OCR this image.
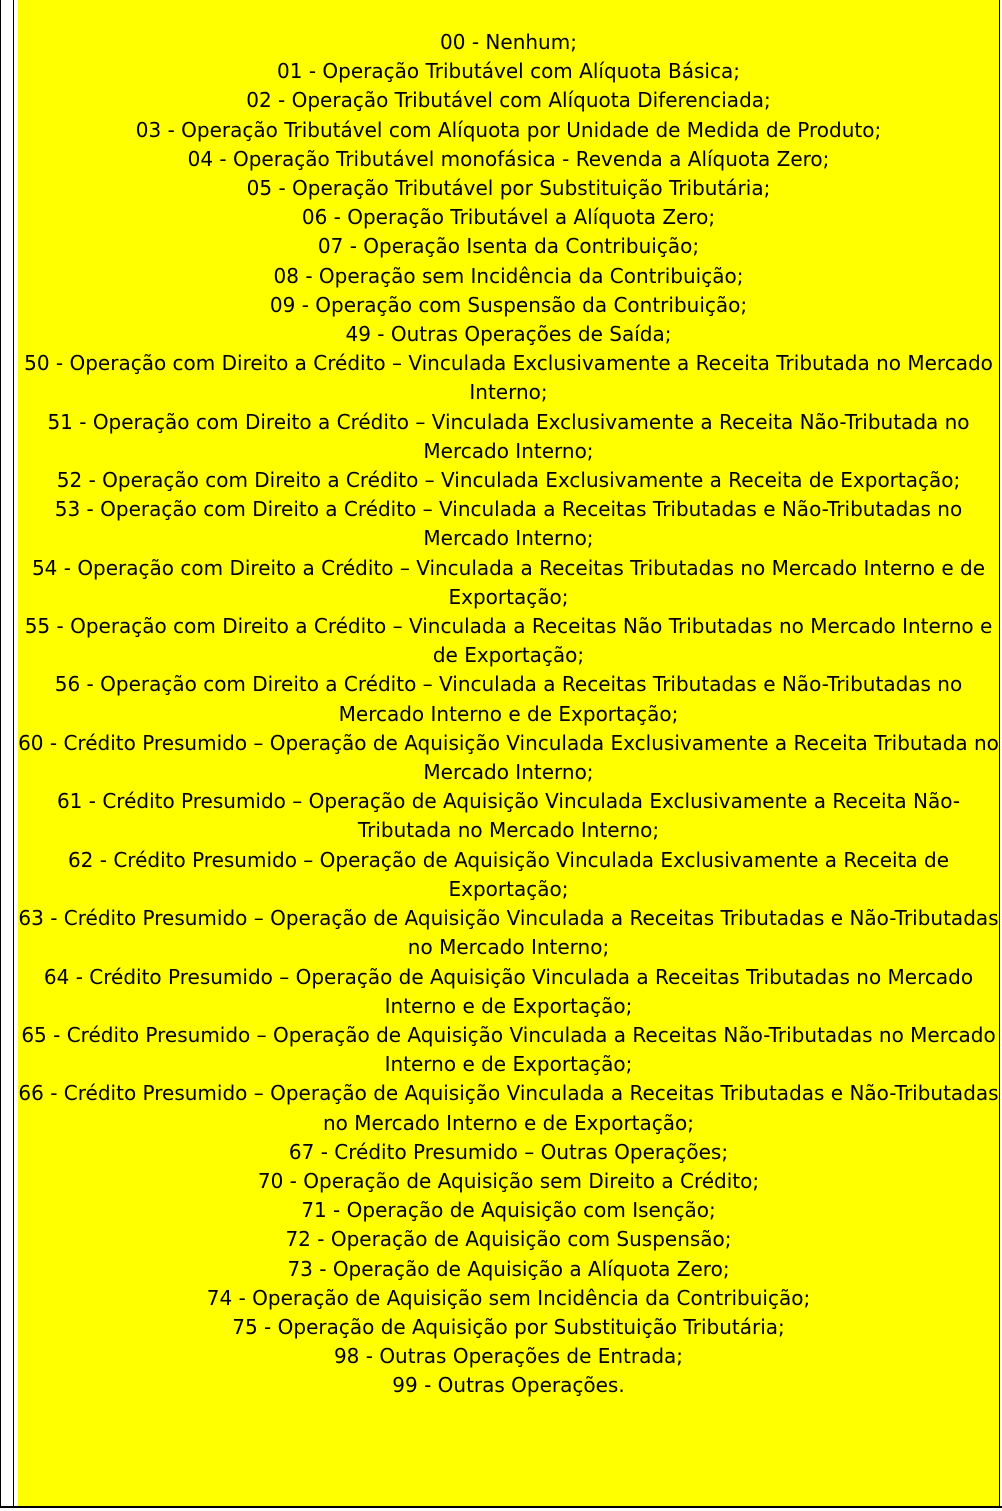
00 - Nenhum;
01 - Operação Tributável com Alíquota Básica;
02 - Operação Tributável com Alíquota Diferenciada;
03 - Operação Tributável com Alíquota por Unidade de Medida de Produto;
04 - Operação Tributável monofásica - Revenda a Alíquota Zero;
05 - Operação Tributável por Substituição Tributária;
06 - Operação Tributável a Alíquota Zero;
07 - Operação Isenta da Contribuição;
08 - Operação sem Incidência da Contribuição;
09 - Operação com Suspensão da Contribuição;
49 - Outras Operações de Saída;
50 - Operação com Direito a Crédito – Vinculada Exclusivamente a Receita Tributada no Mercado Interno;
51 - Operação com Direito a Crédito – Vinculada Exclusivamente a Receita Não-Tributada no Mercado Interno;
52 - Operação com Direito a Crédito – Vinculada Exclusivamente a Receita de Exportação;
53 - Operação com Direito a Crédito – Vinculada a Receitas Tributadas e Não-Tributadas no Mercado Interno;
54 - Operação com Direito a Crédito – Vinculada a Receitas Tributadas no Mercado Interno e de Exportação;
55 - Operação com Direito a Crédito – Vinculada a Receitas Não Tributadas no Mercado Interno e de Exportação;
56 - Operação com Direito a Crédito – Vinculada a Receitas Tributadas e Não-Tributadas no Mercado Interno e de Exportação;
60 - Crédito Presumido – Operação de Aquisição Vinculada Exclusivamente a Receita Tributada no Mercado Interno;
61 - Crédito Presumido – Operação de Aquisição Vinculada Exclusivamente a Receita Não-Tributada no Mercado Interno;
62 - Crédito Presumido – Operação de Aquisição Vinculada Exclusivamente a Receita de Exportação;
63 - Crédito Presumido – Operação de Aquisição Vinculada a Receitas Tributadas e Não-Tributadas no Mercado Interno;
64 - Crédito Presumido – Operação de Aquisição Vinculada a Receitas Tributadas no Mercado Interno e de Exportação;
65 - Crédito Presumido – Operação de Aquisição Vinculada a Receitas Não-Tributadas no Mercado Interno e de Exportação;
66 - Crédito Presumido – Operação de Aquisição Vinculada a Receitas Tributadas e Não-Tributadas no Mercado Interno e de Exportação;
67 - Crédito Presumido – Outras Operações;
70 - Operação de Aquisição sem Direito a Crédito;
71 - Operação de Aquisição com Isenção;
72 - Operação de Aquisição com Suspensão;
73 - Operação de Aquisição a Alíquota Zero;
74 - Operação de Aquisição sem Incidência da Contribuição;
75 - Operação de Aquisição por Substituição Tributária;
98 - Outras Operações de Entrada;
99 - Outras Operações.
